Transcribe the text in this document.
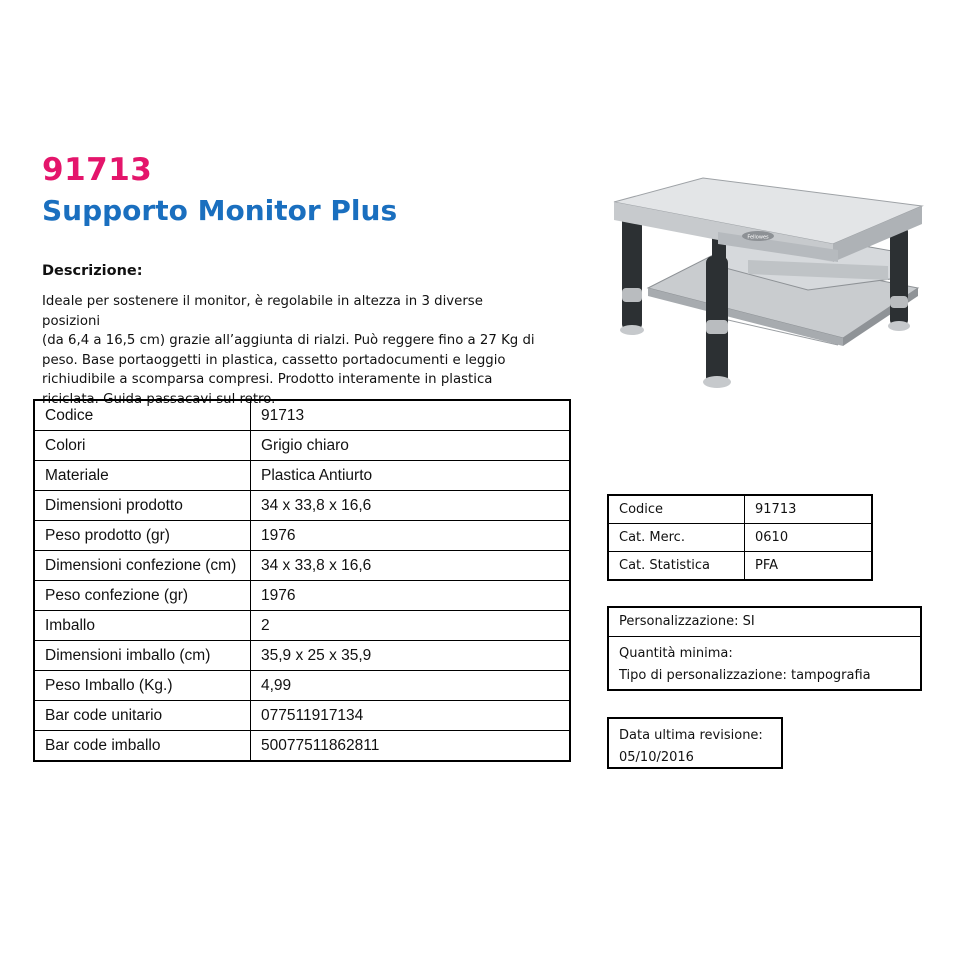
91713
Supporto Monitor Plus
Descrizione:
Ideale per sostenere il monitor, è regolabile in altezza in 3 diverse posizioni
(da 6,4 a 16,5 cm) grazie all’aggiunta di rialzi. Può reggere fino a 27 Kg di
peso. Base portaoggetti in plastica, cassetto portadocumenti e leggio
richiudibile a scomparsa compresi. Prodotto interamente in plastica
riciclata. Guida passacavi sul retro.
Codice	91713
Colori	Grigio chiaro
Materiale	Plastica Antiurto
Dimensioni prodotto	34 x 33,8 x 16,6
Peso prodotto (gr)	1976
Dimensioni confezione (cm)	34 x 33,8 x 16,6
Peso confezione (gr)	1976
Imballo	2
Dimensioni imballo (cm)	35,9 x 25 x 35,9
Peso Imballo (Kg.)	4,99
Bar code unitario	077511917134
Bar code imballo	50077511862811
Fellowes
Codice	91713
Cat. Merc.	0610
Cat. Statistica	PFA
Personalizzazione: SI
Quantità minima:
Tipo di personalizzazione: tampografia
Data ultima revisione:
05/10/2016
